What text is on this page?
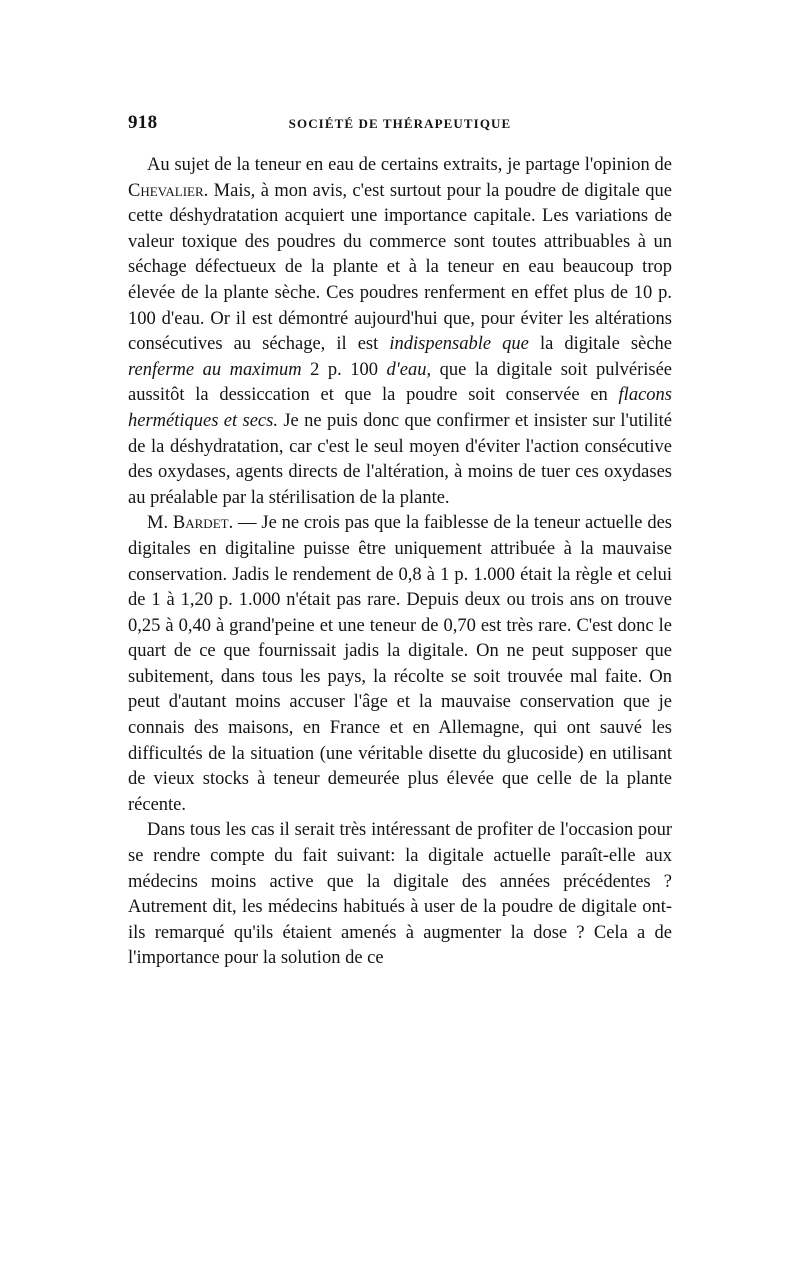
918	SOCIÉTÉ DE THÉRAPEUTIQUE

Au sujet de la teneur en eau de certains extraits, je partage l'opinion de Chevalier. Mais, à mon avis, c'est surtout pour la poudre de digitale que cette déshydratation acquiert une importance capitale. Les variations de valeur toxique des poudres du commerce sont toutes attribuables à un séchage défectueux de la plante et à la teneur en eau beaucoup trop élevée de la plante sèche. Ces poudres renferment en effet plus de 10 p. 100 d'eau. Or il est démontré aujourd'hui que, pour éviter les altérations consécutives au séchage, il est indispensable que la digitale sèche renferme au maximum 2 p. 100 d'eau, que la digitale soit pulvérisée aussitôt la dessiccation et que la poudre soit conservée en flacons hermétiques et secs. Je ne puis donc que confirmer et insister sur l'utilité de la déshydratation, car c'est le seul moyen d'éviter l'action consécutive des oxydases, agents directs de l'altération, à moins de tuer ces oxydases au préalable par la stérilisation de la plante.

M. Bardet. — Je ne crois pas que la faiblesse de la teneur actuelle des digitales en digitaline puisse être uniquement attribuée à la mauvaise conservation. Jadis le rendement de 0,8 à 1 p. 1.000 était la règle et celui de 1 à 1,20 p. 1.000 n'était pas rare. Depuis deux ou trois ans on trouve 0,25 à 0,40 à grand'peine et une teneur de 0,70 est très rare. C'est donc le quart de ce que fournissait jadis la digitale. On ne peut supposer que subitement, dans tous les pays, la récolte se soit trouvée mal faite. On peut d'autant moins accuser l'âge et la mauvaise conservation que je connais des maisons, en France et en Allemagne, qui ont sauvé les difficultés de la situation (une véritable disette du glucoside) en utilisant de vieux stocks à teneur demeurée plus élevée que celle de la plante récente.

Dans tous les cas il serait très intéressant de profiter de l'occasion pour se rendre compte du fait suivant: la digitale actuelle paraît-elle aux médecins moins active que la digitale des années précédentes ? Autrement dit, les médecins habitués à user de la poudre de digitale ont-ils remarqué qu'ils étaient amenés à augmenter la dose ? Cela a de l'importance pour la solution de ce
